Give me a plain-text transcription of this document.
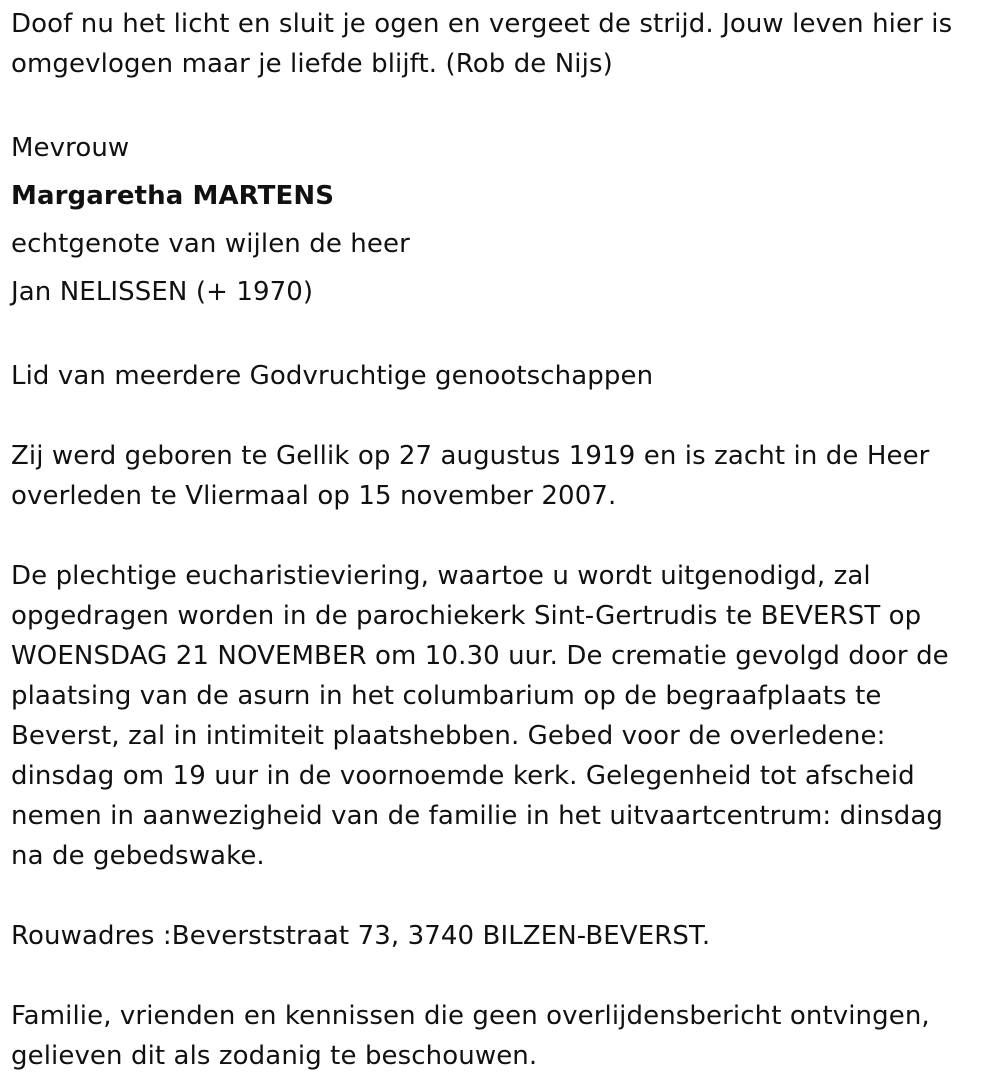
Doof nu het licht en sluit je ogen en vergeet de strijd. Jouw leven hier is
omgevlogen maar je liefde blijft. (Rob de Nijs)

Mevrouw
Margaretha MARTENS
echtgenote van wijlen de heer
Jan NELISSEN (+ 1970)

Lid van meerdere Godvruchtige genootschappen

Zij werd geboren te Gellik op 27 augustus 1919 en is zacht in de Heer
overleden te Vliermaal op 15 november 2007.

De plechtige eucharistieviering, waartoe u wordt uitgenodigd, zal
opgedragen worden in de parochiekerk Sint-Gertrudis te BEVERST op
WOENSDAG 21 NOVEMBER om 10.30 uur. De crematie gevolgd door de
plaatsing van de asurn in het columbarium op de begraafplaats te
Beverst, zal in intimiteit plaatshebben. Gebed voor de overledene:
dinsdag om 19 uur in de voornoemde kerk. Gelegenheid tot afscheid
nemen in aanwezigheid van de familie in het uitvaartcentrum: dinsdag
na de gebedswake.

Rouwadres :Beverststraat 73, 3740 BILZEN-BEVERST.

Familie, vrienden en kennissen die geen overlijdensbericht ontvingen,
gelieven dit als zodanig te beschouwen.
